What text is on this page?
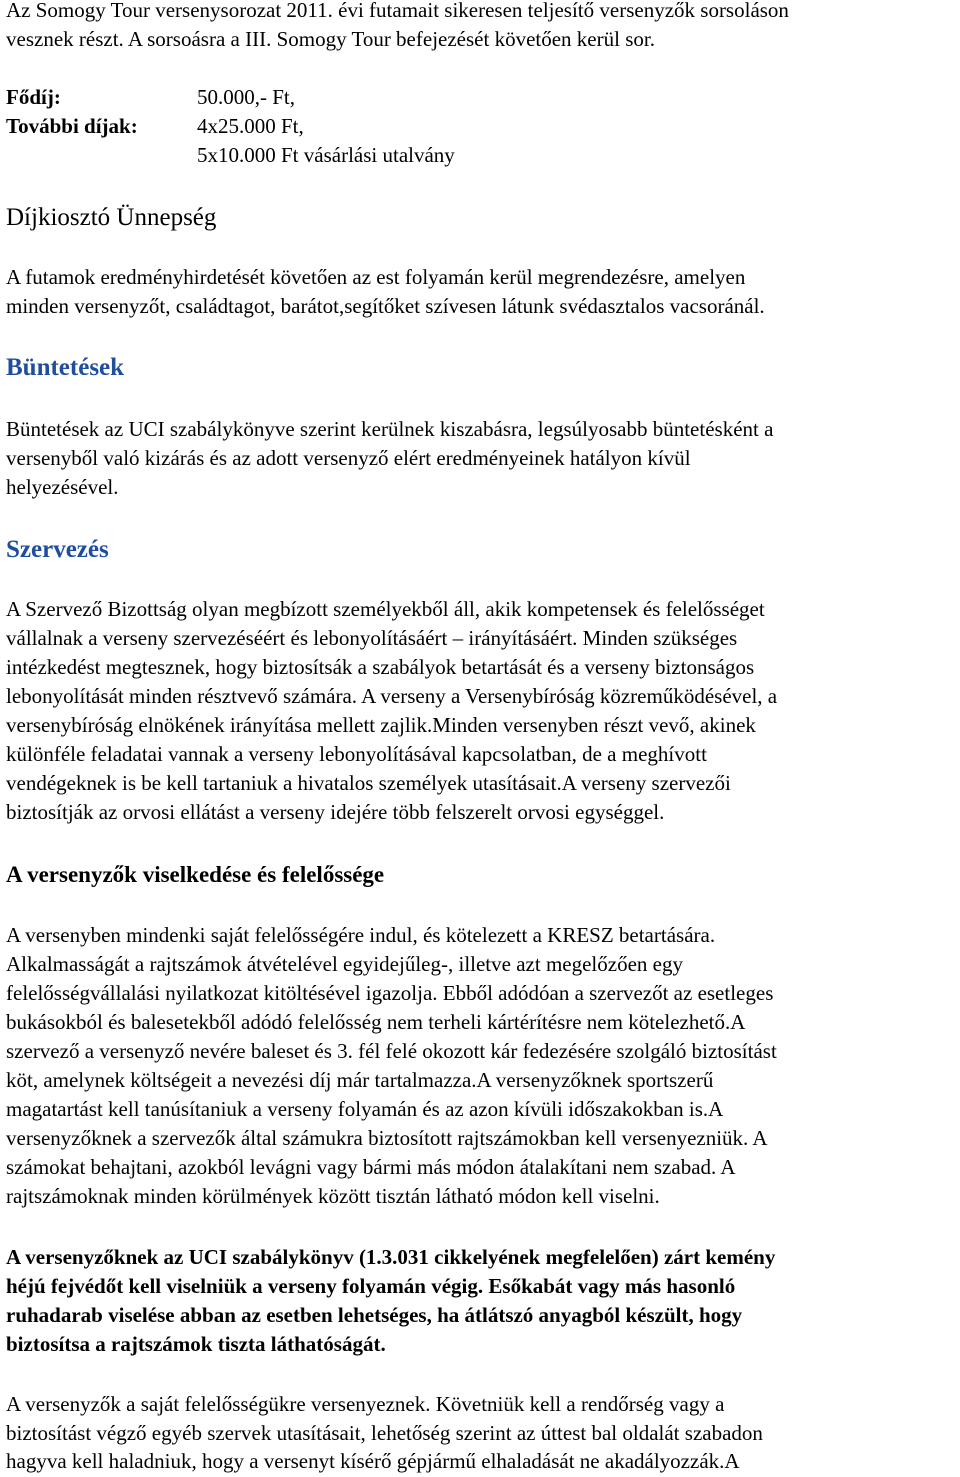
Az Somogy Tour versenysorozat 2011. évi futamait sikeresen teljesítő versenyzők sorsoláson
vesznek részt. A sorsoásra a III. Somogy Tour befejezését követően kerül sor.
Fődíj:	50.000,- Ft,
További díjak:	4x25.000 Ft,
5x10.000 Ft vásárlási utalvány
Díjkiosztó Ünnepség
A futamok eredményhirdetését követően az est folyamán kerül megrendezésre, amelyen
minden versenyzőt, családtagot, barátot,segítőket szívesen látunk svédasztalos vacsoránál.
Büntetések
Büntetések az UCI szabálykönyve szerint kerülnek kiszabásra, legsúlyosabb büntetésként a
versenyből való kizárás és az adott versenyző elért eredményeinek hatályon kívül
helyezésével.
Szervezés
A Szervező Bizottság olyan megbízott személyekből áll, akik kompetensek és felelősséget
vállalnak a verseny szervezéséért és lebonyolításáért – irányításáért. Minden szükséges
intézkedést megtesznek, hogy biztosítsák a szabályok betartását és a verseny biztonságos
lebonyolítását minden résztvevő számára. A verseny a Versenybíróság közreműködésével, a
versenybíróság elnökének irányítása mellett zajlik.Minden versenyben részt vevő, akinek
különféle feladatai vannak a verseny lebonyolításával kapcsolatban, de a meghívott
vendégeknek is be kell tartaniuk a hivatalos személyek utasításait.A verseny szervezői
biztosítják az orvosi ellátást a verseny idejére több felszerelt orvosi egységgel.
A versenyzők viselkedése és felelőssége
A versenyben mindenki saját felelősségére indul, és kötelezett a KRESZ betartására.
Alkalmasságát a rajtszámok átvételével egyidejűleg-, illetve azt megelőzően egy
felelősségvállalási nyilatkozat kitöltésével igazolja. Ebből adódóan a szervezőt az esetleges
bukásokból és balesetekből adódó felelősség nem terheli kártérítésre nem kötelezhető.A
szervező a versenyző nevére baleset és 3. fél felé okozott kár fedezésére szolgáló biztosítást
köt, amelynek költségeit a nevezési díj már tartalmazza.A versenyzőknek sportszerű
magatartást kell tanúsítaniuk a verseny folyamán és az azon kívüli időszakokban is.A
versenyzőknek a szervezők által számukra biztosított rajtszámokban kell versenyezniük. A
számokat behajtani, azokból levágni vagy bármi más módon átalakítani nem szabad. A
rajtszámoknak minden körülmények között tisztán látható módon kell viselni.
A versenyzőknek az UCI szabálykönyv (1.3.031 cikkelyének megfelelően) zárt kemény
héjú fejvédőt kell viselniük a verseny folyamán végig. Esőkabát vagy más hasonló
ruhadarab viselése abban az esetben lehetséges, ha átlátszó anyagból készült, hogy
biztosítsa a rajtszámok tiszta láthatóságát.
A versenyzők a saját felelősségükre versenyeznek. Követniük kell a rendőrség vagy a
biztosítást végző egyéb szervek utasításait, lehetőség szerint az úttest bal oldalát szabadon
hagyva kell haladniuk, hogy a versenyt kísérő gépjármű elhaladását ne akadályozzák.A
